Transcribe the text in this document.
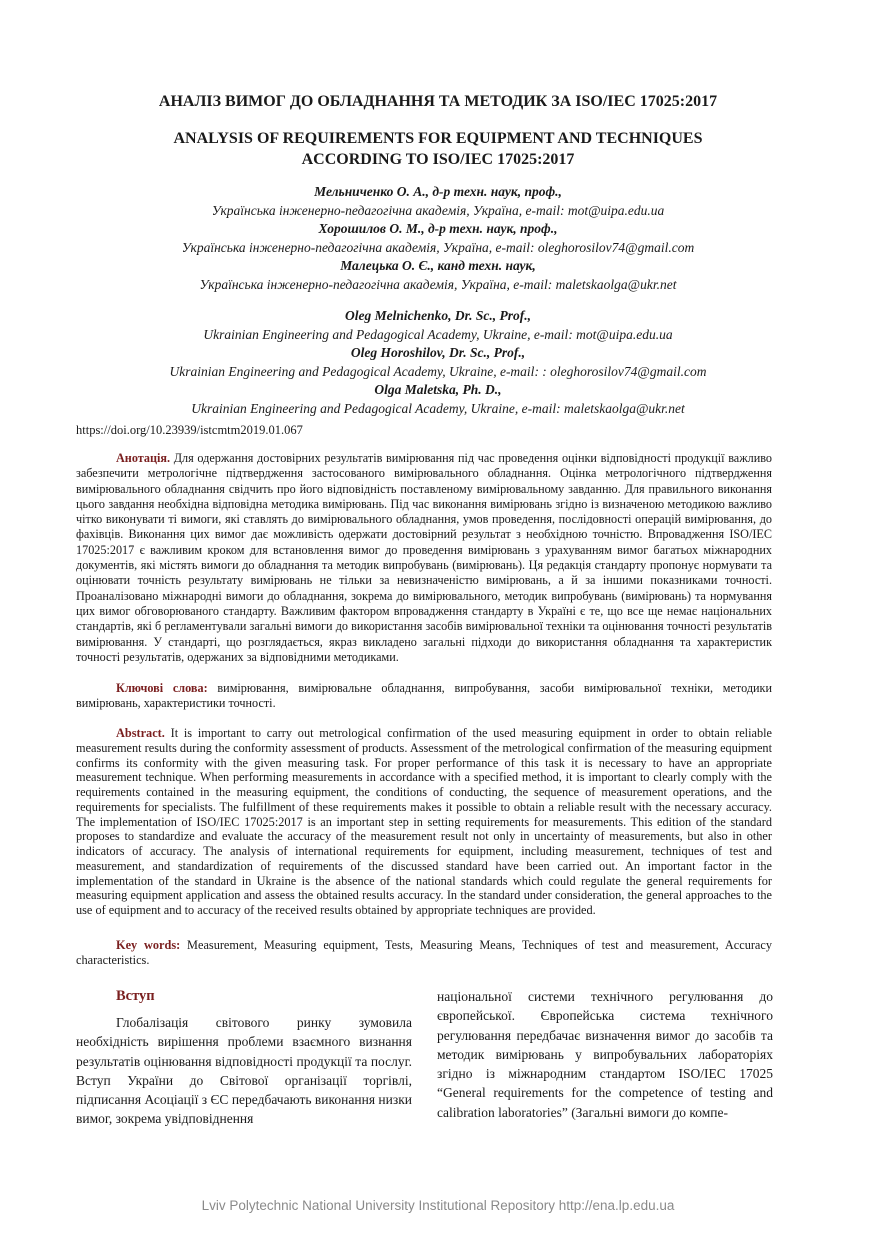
АНАЛІЗ ВИМОГ ДО ОБЛАДНАННЯ ТА МЕТОДИК ЗА ISO/IEC 17025:2017
ANALYSIS OF REQUIREMENTS FOR EQUIPMENT AND TECHNIQUES
ACCORDING TO ISO/IEC 17025:2017
Мельниченко О. А., д-р техн. наук, проф.,
Українська інженерно-педагогічна академія, Україна, e-mail: mot@uipa.edu.ua
Хорошилов О. М., д-р техн. наук, проф.,
Українська інженерно-педагогічна академія, Україна, e-mail: oleghorosilov74@gmail.com
Малецька О. Є., канд техн. наук,
Українська інженерно-педагогічна академія, Україна, e-mail: maletskaolga@ukr.net
Oleg Melnichenko, Dr. Sc., Prof.,
Ukrainian Engineering and Pedagogical Academy, Ukraine, e-mail: mot@uipa.edu.ua
Oleg Horoshilov, Dr. Sc., Prof.,
Ukrainian Engineering and Pedagogical Academy, Ukraine, e-mail: : oleghorosilov74@gmail.com
Olga Maletska, Ph. D.,
Ukrainian Engineering and Pedagogical Academy, Ukraine, e-mail: maletskaolga@ukr.net
https://doi.org/10.23939/istcmtm2019.01.067
Анотація. Для одержання достовірних результатів вимірювання під час проведення оцінки відповідності продукції важливо забезпечити метрологічне підтвердження застосованого вимірювального обладнання. Оцінка метрологічного підтвердження вимірювального обладнання свідчить про його відповідність поставленому вимірювальному завданню. Для правильного виконання цього завдання необхідна відповідна методика вимірювань. Під час виконання вимірювань згідно із визначеною методикою важливо чітко виконувати ті вимоги, які ставлять до вимірювального обладнання, умов проведення, послідовності операцій вимірювання, до фахівців. Виконання цих вимог дає можливість одержати достовірний результат з необхідною точністю. Впровадження ISO/IEC 17025:2017 є важливим кроком для встановлення вимог до проведення вимірювань з урахуванням вимог багатьох міжнародних документів, які містять вимоги до обладнання та методик випробувань (вимірювань). Ця редакція стандарту пропонує нормувати та оцінювати точність результату вимірювань не тільки за невизначеністю вимірювань, а й за іншими показниками точності. Проаналізовано міжнародні вимоги до обладнання, зокрема до вимірювального, методик випробувань (вимірювань) та нормування цих вимог обговорюваного стандарту. Важливим фактором впровадження стандарту в Україні є те, що все ще немає національних стандартів, які б регламентували загальні вимоги до використання засобів вимірювальної техніки та оцінювання точності результатів вимірювання. У стандарті, що розглядається, якраз викладено загальні підходи до використання обладнання та характеристик точності результатів, одержаних за відповідними методиками.
Ключові слова: вимірювання, вимірювальне обладнання, випробування, засоби вимірювальної техніки, методики вимірювань, характеристики точності.
Abstract. It is important to carry out metrological confirmation of the used measuring equipment in order to obtain reliable measurement results during the conformity assessment of products. Assessment of the metrological confirmation of the measuring equipment confirms its conformity with the given measuring task. For proper performance of this task it is necessary to have an appropriate measurement technique. When performing measurements in accordance with a specified method, it is important to clearly comply with the requirements contained in the measuring equipment, the conditions of conducting, the sequence of measurement operations, and the requirements for specialists. The fulfillment of these requirements makes it possible to obtain a reliable result with the necessary accuracy. The implementation of ISO/IEC 17025:2017 is an important step in setting requirements for measurements. This edition of the standard proposes to standardize and evaluate the accuracy of the measurement result not only in uncertainty of measurements, but also in other indicators of accuracy. The analysis of international requirements for equipment, including measurement, techniques of test and measurement, and standardization of requirements of the discussed standard have been carried out. An important factor in the implementation of the standard in Ukraine is the absence of the national standards which could regulate the general requirements for measuring equipment application and assess the obtained results accuracy. In the standard under consideration, the general approaches to the use of equipment and to accuracy of the received results obtained by appropriate techniques are provided.
Key words: Measurement, Measuring equipment, Tests, Measuring Means, Techniques of test and measurement, Accuracy characteristics.
Вступ
Глобалізація світового ринку зумовила необхідність вирішення проблеми взаємного визнання результатів оцінювання відповідності продукції та послуг. Вступ України до Світової організації торгівлі, підписання Асоціації з ЄС передбачають виконання низки вимог, зокрема увідповіднення
національної системи технічного регулювання до європейської. Європейська система технічного регулювання передбачає визначення вимог до засобів та методик вимірювань у випробувальних лабораторіях згідно із міжнародним стандартом ISO/IEC 17025 “General requirements for the competence of testing and calibration laboratories” (Загальні вимоги до компе-
Lviv Polytechnic National University Institutional Repository http://ena.lp.edu.ua
